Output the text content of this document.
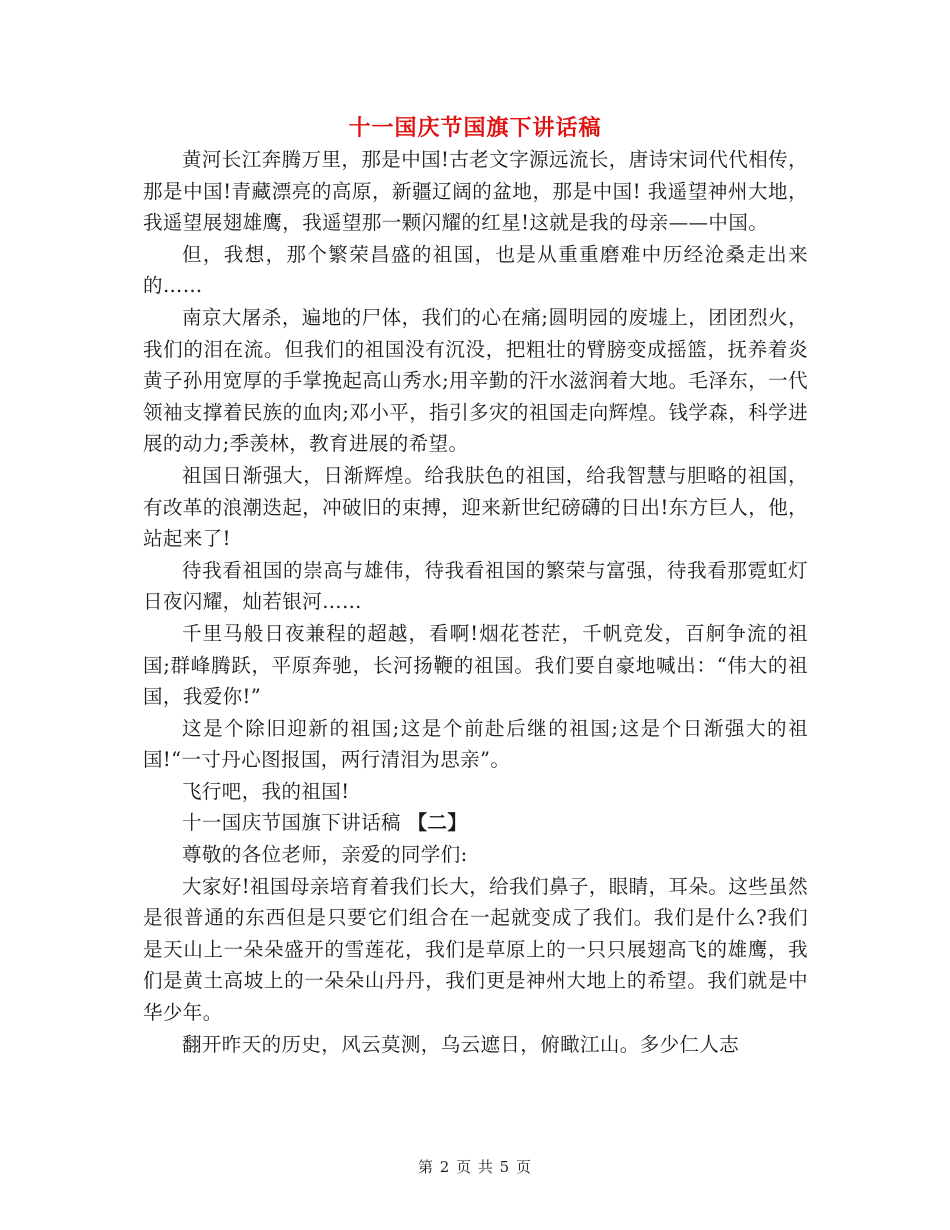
十一国庆节国旗下讲话稿

黄河长江奔腾万里，那是中国!古老文字源远流长，唐诗宋词代代相传，那是中国!青藏漂亮的高原，新疆辽阔的盆地，那是中国! 我遥望神州大地，我遥望展翅雄鹰，我遥望那一颗闪耀的红星!这就是我的母亲——中国。

但，我想，那个繁荣昌盛的祖国，也是从重重磨难中历经沧桑走出来的……

南京大屠杀，遍地的尸体，我们的心在痛;圆明园的废墟上，团团烈火，我们的泪在流。但我们的祖国没有沉没，把粗壮的臂膀变成摇篮，抚养着炎黄子孙用宽厚的手掌挽起高山秀水;用辛勤的汗水滋润着大地。毛泽东，一代领袖支撑着民族的血肉;邓小平，指引多灾的祖国走向辉煌。钱学森，科学进展的动力;季羡林，教育进展的希望。

祖国日渐强大，日渐辉煌。给我肤色的祖国，给我智慧与胆略的祖国，有改革的浪潮迭起，冲破旧的束搏，迎来新世纪磅礴的日出!东方巨人，他，站起来了!

待我看祖国的崇高与雄伟，待我看祖国的繁荣与富强，待我看那霓虹灯日夜闪耀，灿若银河……

千里马般日夜兼程的超越，看啊!烟花苍茫，千帆竞发，百舸争流的祖国;群峰腾跃，平原奔驰，长河扬鞭的祖国。我们要自豪地喊出：“伟大的祖国，我爱你!”

这是个除旧迎新的祖国;这是个前赴后继的祖国;这是个日渐强大的祖国!“一寸丹心图报国，两行清泪为思亲”。

飞行吧，我的祖国!

十一国庆节国旗下讲话稿 【二】

尊敬的各位老师，亲爱的同学们:

大家好!祖国母亲培育着我们长大，给我们鼻子，眼睛，耳朵。这些虽然是很普通的东西但是只要它们组合在一起就变成了我们。我们是什么?我们是天山上一朵朵盛开的雪莲花，我们是草原上的一只只展翅高飞的雄鹰，我们是黄土高坡上的一朵朵山丹丹，我们更是神州大地上的希望。我们就是中华少年。

翻开昨天的历史，风云莫测，乌云遮日，俯瞰江山。多少仁人志

第 2 页 共 5 页
